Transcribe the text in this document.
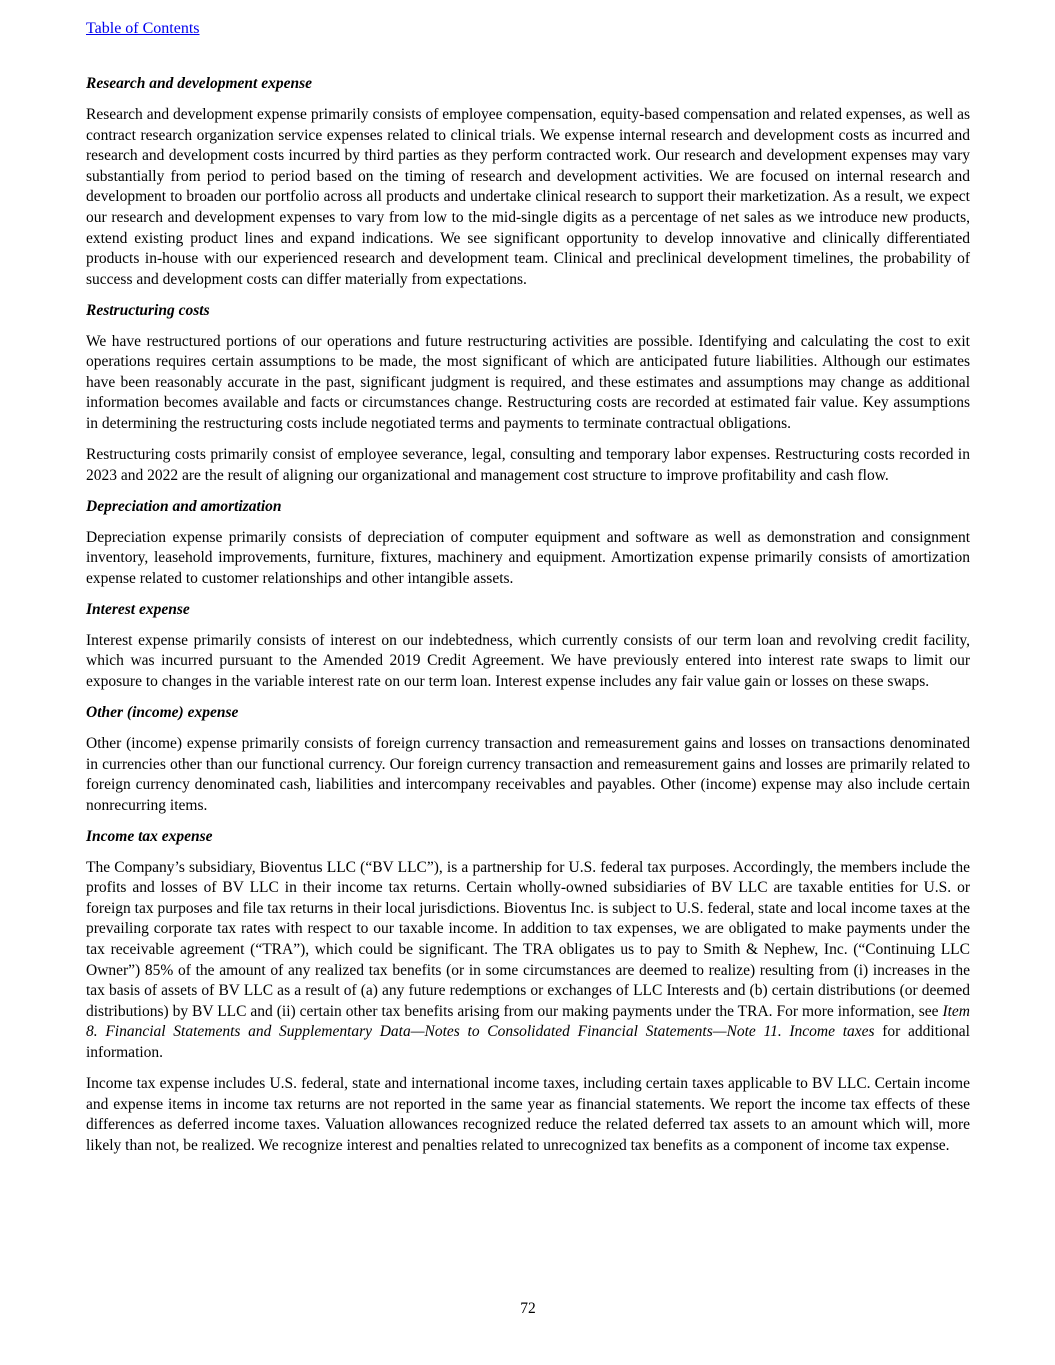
Table of Contents
Research and development expense

Research and development expense primarily consists of employee compensation, equity-based compensation and related expenses, as well as contract research organization service expenses related to clinical trials. We expense internal research and development costs as incurred and research and development costs incurred by third parties as they perform contracted work. Our research and development expenses may vary substantially from period to period based on the timing of research and development activities. We are focused on internal research and development to broaden our portfolio across all products and undertake clinical research to support their marketization. As a result, we expect our research and development expenses to vary from low to the mid-single digits as a percentage of net sales as we introduce new products, extend existing product lines and expand indications. We see significant opportunity to develop innovative and clinically differentiated products in-house with our experienced research and development team. Clinical and preclinical development timelines, the probability of success and development costs can differ materially from expectations.

Restructuring costs

We have restructured portions of our operations and future restructuring activities are possible. Identifying and calculating the cost to exit operations requires certain assumptions to be made, the most significant of which are anticipated future liabilities. Although our estimates have been reasonably accurate in the past, significant judgment is required, and these estimates and assumptions may change as additional information becomes available and facts or circumstances change. Restructuring costs are recorded at estimated fair value. Key assumptions in determining the restructuring costs include negotiated terms and payments to terminate contractual obligations.

Restructuring costs primarily consist of employee severance, legal, consulting and temporary labor expenses. Restructuring costs recorded in 2023 and 2022 are the result of aligning our organizational and management cost structure to improve profitability and cash flow.

Depreciation and amortization

Depreciation expense primarily consists of depreciation of computer equipment and software as well as demonstration and consignment inventory, leasehold improvements, furniture, fixtures, machinery and equipment. Amortization expense primarily consists of amortization expense related to customer relationships and other intangible assets.

Interest expense

Interest expense primarily consists of interest on our indebtedness, which currently consists of our term loan and revolving credit facility, which was incurred pursuant to the Amended 2019 Credit Agreement. We have previously entered into interest rate swaps to limit our exposure to changes in the variable interest rate on our term loan. Interest expense includes any fair value gain or losses on these swaps.

Other (income) expense

Other (income) expense primarily consists of foreign currency transaction and remeasurement gains and losses on transactions denominated in currencies other than our functional currency. Our foreign currency transaction and remeasurement gains and losses are primarily related to foreign currency denominated cash, liabilities and intercompany receivables and payables. Other (income) expense may also include certain nonrecurring items.

Income tax expense

The Company’s subsidiary, Bioventus LLC (“BV LLC”), is a partnership for U.S. federal tax purposes. Accordingly, the members include the profits and losses of BV LLC in their income tax returns. Certain wholly-owned subsidiaries of BV LLC are taxable entities for U.S. or foreign tax purposes and file tax returns in their local jurisdictions. Bioventus Inc. is subject to U.S. federal, state and local income taxes at the prevailing corporate tax rates with respect to our taxable income. In addition to tax expenses, we are obligated to make payments under the tax receivable agreement (“TRA”), which could be significant. The TRA obligates us to pay to Smith & Nephew, Inc. (“Continuing LLC Owner”) 85% of the amount of any realized tax benefits (or in some circumstances are deemed to realize) resulting from (i) increases in the tax basis of assets of BV LLC as a result of (a) any future redemptions or exchanges of LLC Interests and (b) certain distributions (or deemed distributions) by BV LLC and (ii) certain other tax benefits arising from our making payments under the TRA. For more information, see Item 8. Financial Statements and Supplementary Data—Notes to Consolidated Financial Statements—Note 11. Income taxes for additional information.

Income tax expense includes U.S. federal, state and international income taxes, including certain taxes applicable to BV LLC. Certain income and expense items in income tax returns are not reported in the same year as financial statements. We report the income tax effects of these differences as deferred income taxes. Valuation allowances recognized reduce the related deferred tax assets to an amount which will, more likely than not, be realized. We recognize interest and penalties related to unrecognized tax benefits as a component of income tax expense.

72
